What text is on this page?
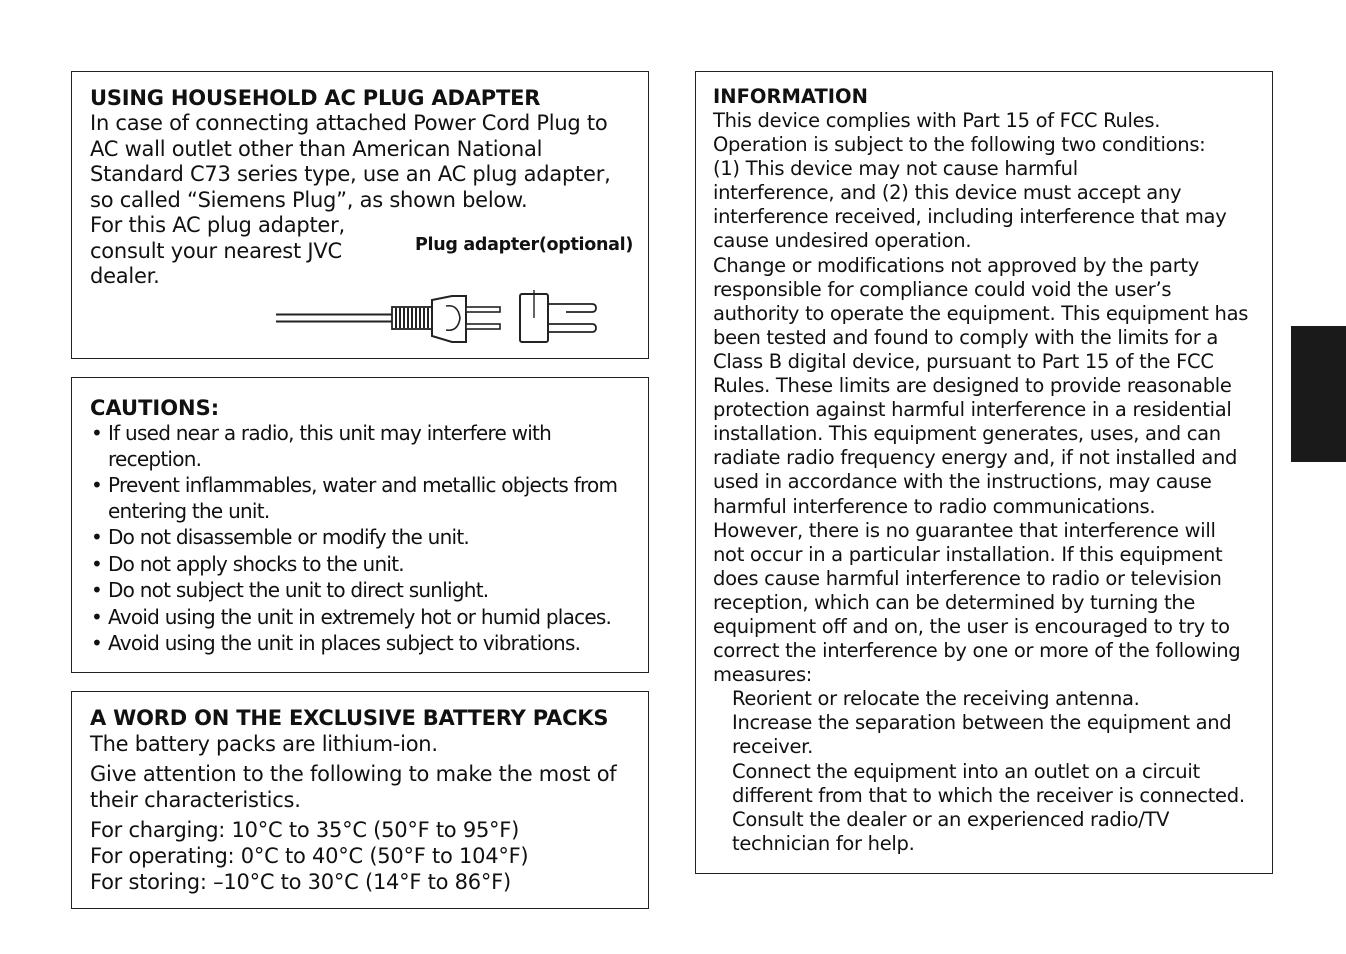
USING HOUSEHOLD AC PLUG ADAPTER

In case of connecting attached Power Cord Plug to

AC wall outlet other than American National

Standard C73 series type, use an AC plug adapter,

so called “Siemens Plug”, as shown below.

For this AC plug adapter,

consult your nearest JVC

dealer.

Plug adapter(optional)
CAUTIONS:
• If used near a radio, this unit may interfere with reception.
• Prevent inflammables, water and metallic objects from entering the unit.
• Do not disassemble or modify the unit.
• Do not apply shocks to the unit.
• Do not subject the unit to direct sunlight.
• Avoid using the unit in extremely hot or humid places.
• Avoid using the unit in places subject to vibrations.
A WORD ON THE EXCLUSIVE BATTERY PACKS

The battery packs are lithium-ion.

Give attention to the following to make the most of their characteristics.

For charging: 10°C to 35°C (50°F to 95°F)

For operating: 0°C to 40°C (50°F to 104°F)

For storing: –10°C to 30°C (14°F to 86°F)

INFORMATION

This device complies with Part 15 of FCC Rules.

Operation is subject to the following two conditions:

(1) This device may not cause harmful

interference, and (2) this device must accept any

interference received, including interference that may

cause undesired operation.

Change or modifications not approved by the party

responsible for compliance could void the user’s

authority to operate the equipment. This equipment has

been tested and found to comply with the limits for a

Class B digital device, pursuant to Part 15 of the FCC

Rules. These limits are designed to provide reasonable

protection against harmful interference in a residential

installation. This equipment generates, uses, and can

radiate radio frequency energy and, if not installed and

used in accordance with the instructions, may cause

harmful interference to radio communications.

However, there is no guarantee that interference will

not occur in a particular installation. If this equipment

does cause harmful interference to radio or television

reception, which can be determined by turning the

equipment off and on, the user is encouraged to try to

correct the interference by one or more of the following

measures:

Reorient or relocate the receiving antenna.

Increase the separation between the equipment and

receiver.

Connect the equipment into an outlet on a circuit

different from that to which the receiver is connected.

Consult the dealer or an experienced radio/TV

technician for help.
